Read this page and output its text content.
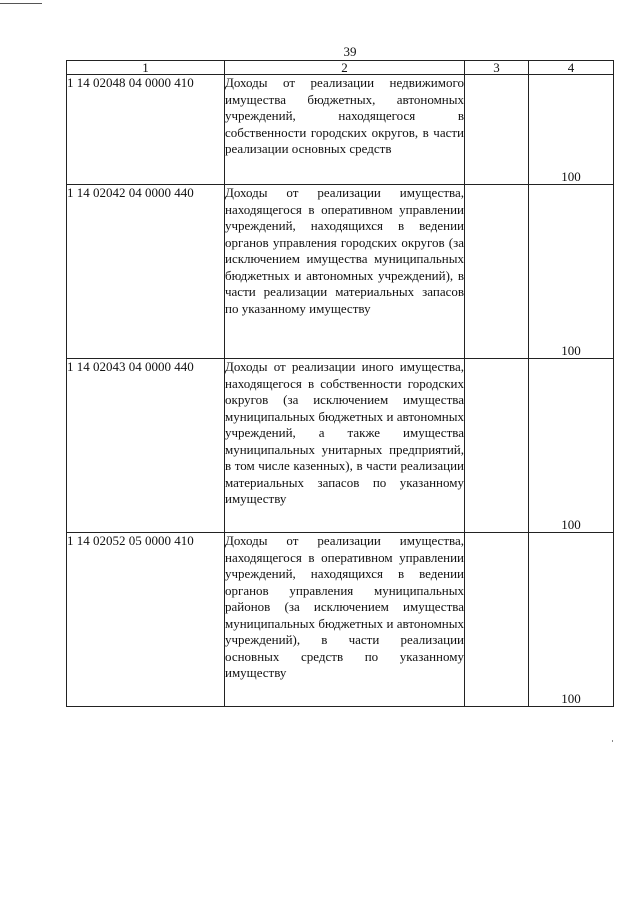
39
1	2	3	4
1 14 02048 04 0000 410	Доходы от реализации недвижимого имущества бюджетных, автономных учреждений, находящегося в собственности городских округов, в части реализации основных средств		100
1 14 02042 04 0000 440	Доходы от реализации имущества, находящегося в оперативном управлении учреждений, находящихся в ведении органов управления городских округов (за исключением имущества муниципальных бюджетных и автономных учреждений), в части реализации материальных запасов по указанному имуществу		100
1 14 02043 04 0000 440	Доходы от реализации иного имущества, находящегося в собственности городских округов (за исключением имущества муниципальных бюджетных и автономных учреждений, а также имущества муниципальных унитарных предприятий, в том числе казенных), в части реализации материальных запасов по указанному имуществу		100
1 14 02052 05 0000 410	Доходы от реализации имущества, находящегося в оперативном управлении учреждений, находящихся в ведении органов управления муниципальных районов (за исключением имущества муниципальных бюджетных и автономных учреждений), в части реализации основных средств по указанному имуществу		100
